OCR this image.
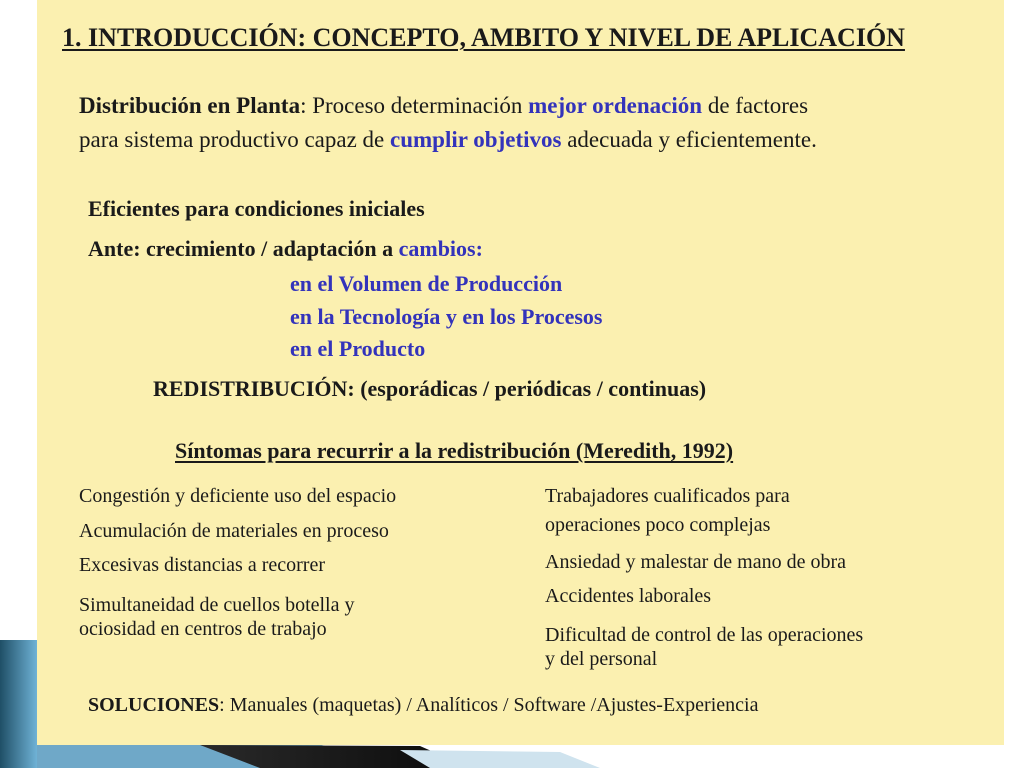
1. INTRODUCCIÓN: CONCEPTO, AMBITO Y NIVEL DE APLICACIÓN
Distribución en Planta: Proceso determinación mejor ordenación de factores
para sistema productivo capaz de cumplir objetivos adecuada y eficientemente.
Eficientes para condiciones iniciales
Ante: crecimiento / adaptación a cambios:
en el Volumen de Producción
en la Tecnología y en los Procesos
en el Producto
REDISTRIBUCIÓN: (esporádicas / periódicas / continuas)
Síntomas para recurrir a la redistribución (Meredith, 1992)
Congestión y deficiente uso del espacio
Acumulación de materiales en proceso
Excesivas distancias a recorrer
Simultaneidad de cuellos botella y
ociosidad en centros de trabajo
Trabajadores cualificados para
operaciones poco complejas
Ansiedad y malestar de mano de obra
Accidentes laborales
Dificultad de control de las operaciones
y del personal
SOLUCIONES: Manuales (maquetas) / Analíticos / Software /Ajustes-Experiencia
